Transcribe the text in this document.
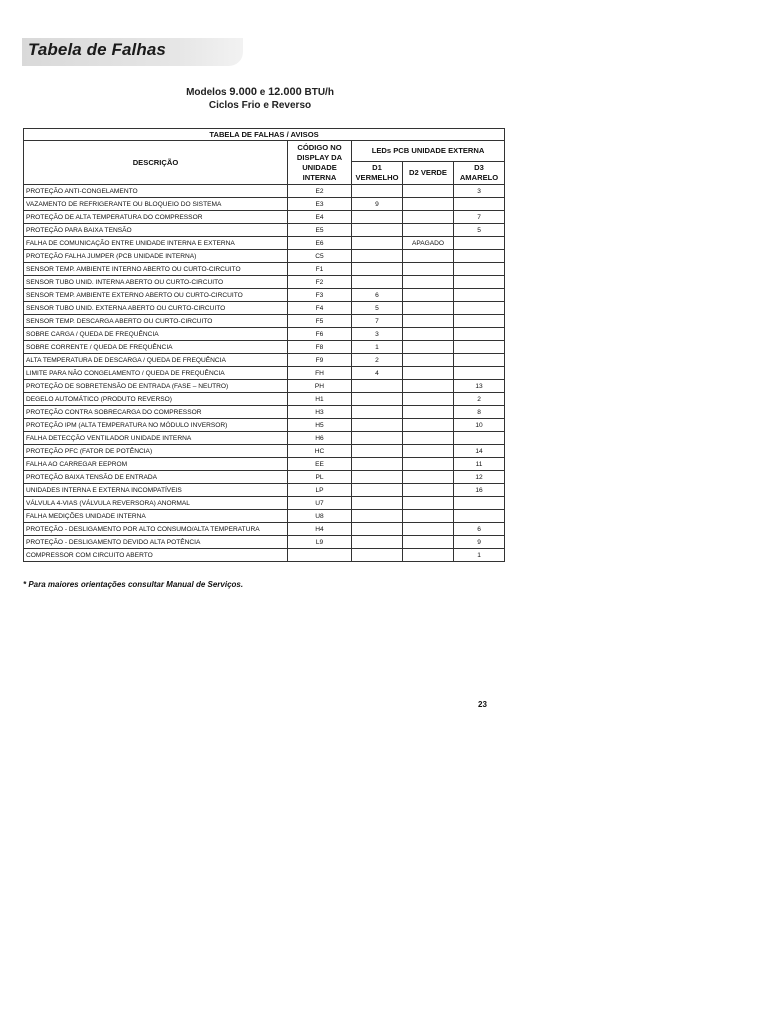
Tabela de Falhas
Modelos 9.000 e 12.000 BTU/h
Ciclos Frio e Reverso
TABELA DE FALHAS / AVISOS				
DESCRIÇÃO	CÓDIGO NO DISPLAY DA UNIDADE INTERNA	LEDs PCB UNIDADE EXTERNA		
		D1 VERMELHO	D2 VERDE	D3 AMARELO
PROTEÇÃO ANTI-CONGELAMENTO	E2			3
VAZAMENTO DE REFRIGERANTE OU BLOQUEIO DO SISTEMA	E3	9		
PROTEÇÃO DE ALTA TEMPERATURA DO COMPRESSOR	E4			7
PROTEÇÃO PARA BAIXA TENSÃO	E5			5
FALHA DE COMUNICAÇÃO ENTRE UNIDADE INTERNA E EXTERNA	E6		APAGADO	
PROTEÇÃO FALHA JUMPER (PCB UNIDADE INTERNA)	C5			
SENSOR TEMP. AMBIENTE INTERNO ABERTO OU CURTO-CIRCUITO	F1			
SENSOR TUBO UNID. INTERNA ABERTO OU CURTO-CIRCUITO	F2			
SENSOR TEMP. AMBIENTE EXTERNO ABERTO OU CURTO-CIRCUITO	F3	6		
SENSOR TUBO UNID. EXTERNA ABERTO OU CURTO-CIRCUITO	F4	5		
SENSOR TEMP. DESCARGA ABERTO OU CURTO-CIRCUITO	F5	7		
SOBRE CARGA / QUEDA DE FREQUÊNCIA	F6	3		
SOBRE CORRENTE / QUEDA DE FREQUÊNCIA	F8	1		
ALTA TEMPERATURA DE DESCARGA / QUEDA DE FREQUÊNCIA	F9	2		
LIMITE PARA NÃO CONGELAMENTO / QUEDA DE FREQUÊNCIA	FH	4		
PROTEÇÃO DE SOBRETENSÃO DE ENTRADA (FASE – NEUTRO)	PH			13
DEGELO AUTOMÁTICO (PRODUTO REVERSO)	H1			2
PROTEÇÃO CONTRA SOBRECARGA DO COMPRESSOR	H3			8
PROTEÇÃO IPM (ALTA TEMPERATURA NO MÓDULO INVERSOR)	H5			10
FALHA DETECÇÃO VENTILADOR UNIDADE INTERNA	H6			
PROTEÇÃO PFC (FATOR DE POTÊNCIA)	HC			14
FALHA AO CARREGAR EEPROM	EE			11
PROTEÇÃO BAIXA TENSÃO DE ENTRADA	PL			12
UNIDADES INTERNA E EXTERNA INCOMPATÍVEIS	LP			16
VÁLVULA 4-VIAS (VÁLVULA REVERSORA) ANORMAL	U7			
FALHA MEDIÇÕES UNIDADE INTERNA	U8			
PROTEÇÃO - DESLIGAMENTO POR ALTO CONSUMO/ALTA TEMPERATURA	H4			6
PROTEÇÃO - DESLIGAMENTO DEVIDO ALTA POTÊNCIA	L9			9
COMPRESSOR COM CIRCUITO ABERTO				1

* Para maiores orientações consultar Manual de Serviços.

23
